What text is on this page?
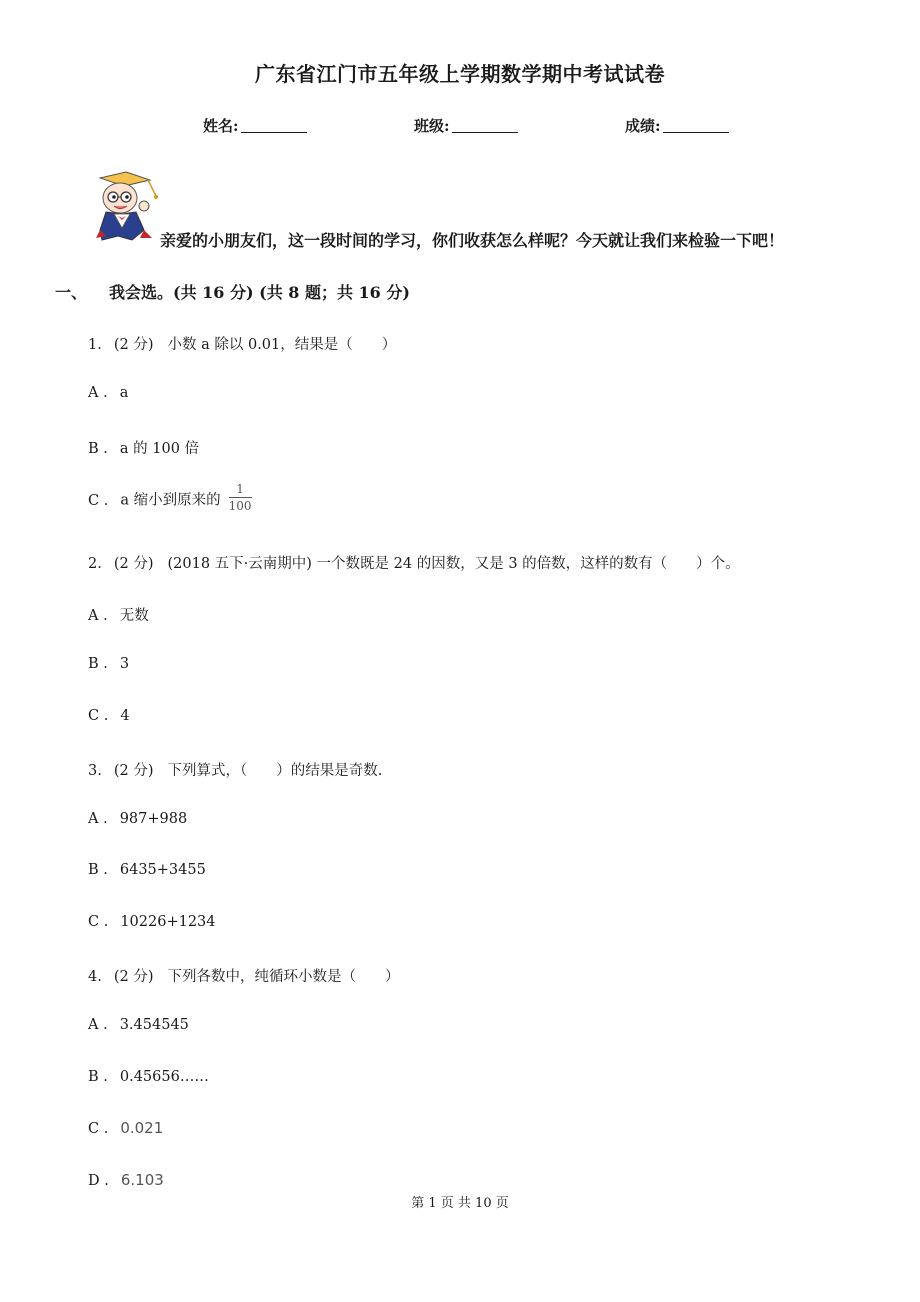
广东省江门市五年级上学期数学期中考试试卷
姓名:	班级:	成绩:
亲爱的小朋友们，这一段时间的学习，你们收获怎么样呢？今天就让我们来检验一下吧！
一、 我会选。(共 16 分) (共 8 题；共 16 分)
1. (2 分) 小数 a 除以 0.01，结果是（　　）
A . a
B . a 的 100 倍
C . a 缩小到原来的 $\frac{1}{100}$
2. (2 分) (2018 五下·云南期中) 一个数既是 24 的因数，又是 3 的倍数，这样的数有（　　）个。
A . 无数
B . 3
C . 4
3. (2 分) 下列算式，（　　）的结果是奇数.
A . 987+988
B . 6435+3455
C . 10226+1234
4. (2 分) 下列各数中，纯循环小数是（　　）
A . 3.454545
B . 0.45656……
C . 0.021
D . 6.103
第 1 页 共 10 页
